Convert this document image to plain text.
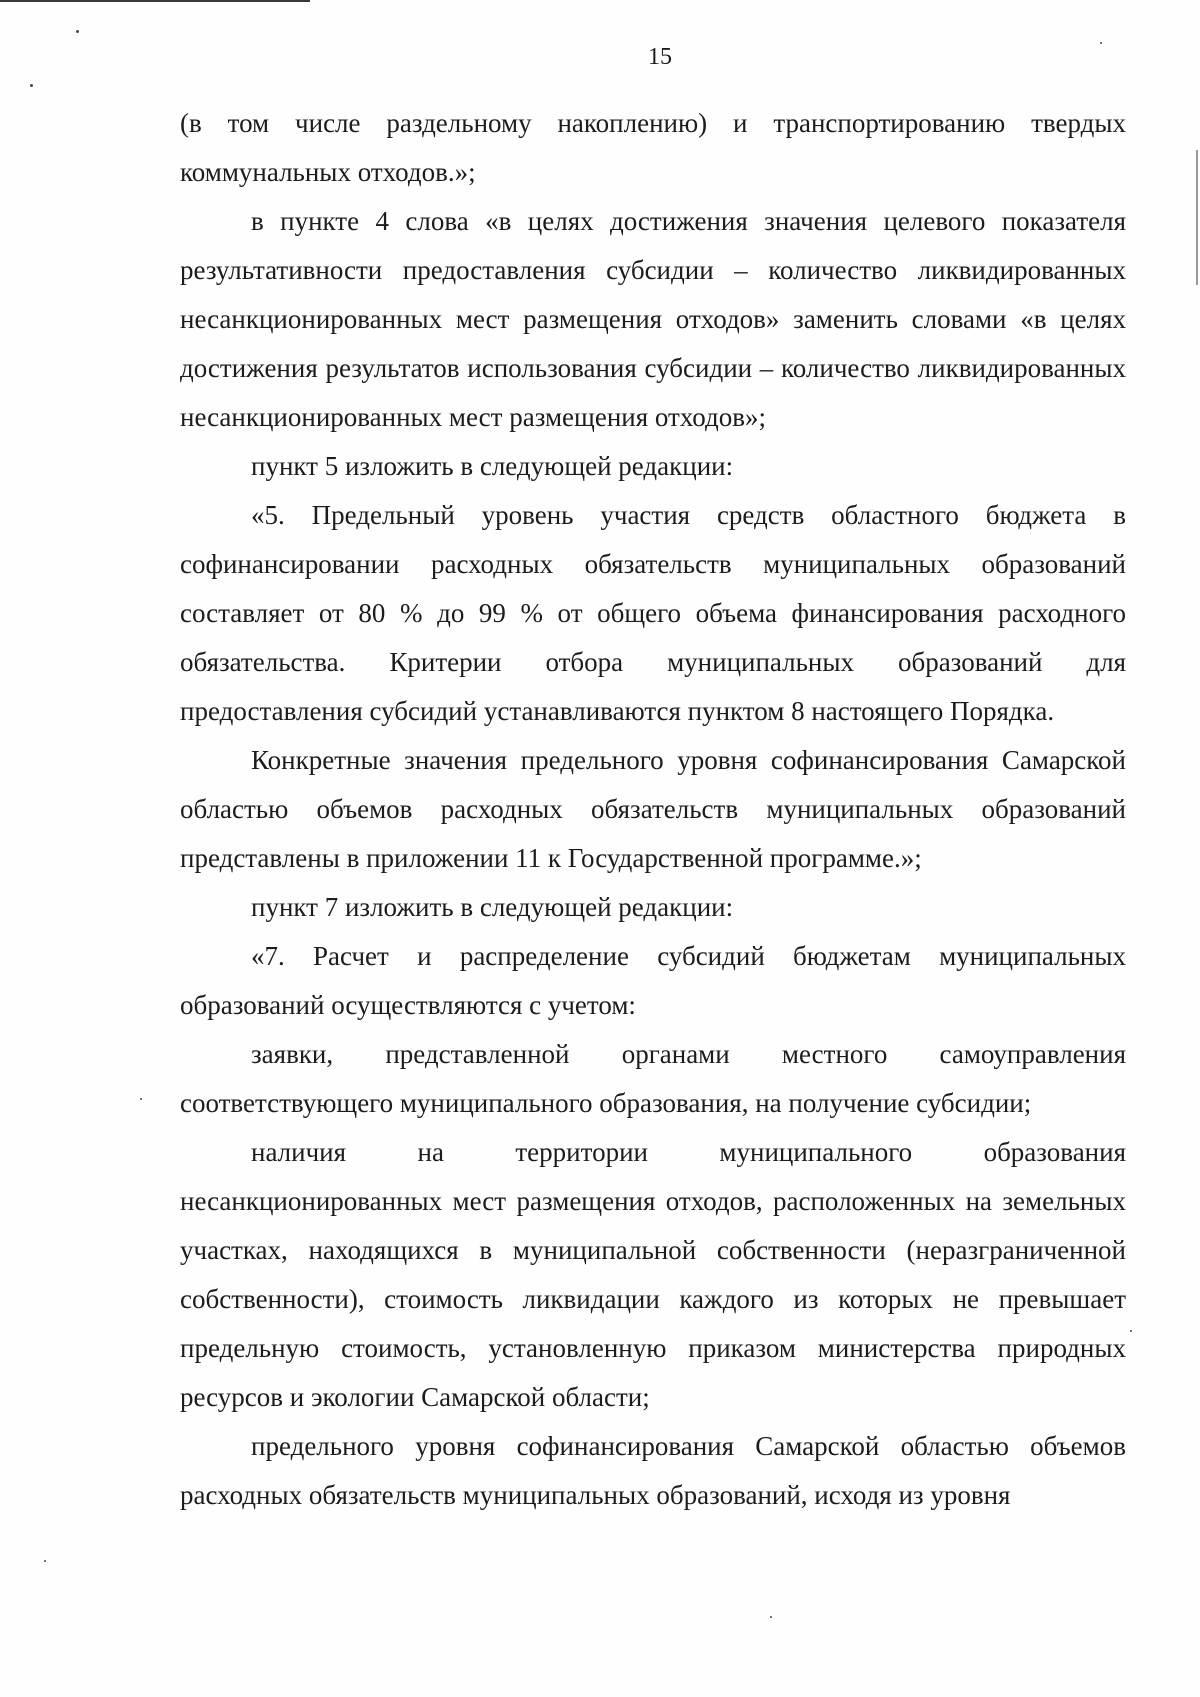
15

(в том числе раздельному накоплению) и транспортированию твердых коммунальных отходов.»;

в пункте 4 слова «в целях достижения значения целевого показателя результативности предоставления субсидии – количество ликвидированных несанкционированных мест размещения отходов» заменить словами «в целях достижения результатов использования субсидии – количество ликвидированных несанкционированных мест размещения отходов»;

пункт 5 изложить в следующей редакции:

«5. Предельный уровень участия средств областного бюджета в софинансировании расходных обязательств муниципальных образований составляет от 80 % до 99 % от общего объема финансирования расходного обязательства. Критерии отбора муниципальных образований для предоставления субсидий устанавливаются пунктом 8 настоящего Порядка.

Конкретные значения предельного уровня софинансирования Самарской областью объемов расходных обязательств муниципальных образований представлены в приложении 11 к Государственной программе.»;

пункт 7 изложить в следующей редакции:

«7. Расчет и распределение субсидий бюджетам муниципальных образований осуществляются с учетом:

заявки, представленной органами местного самоуправления соответствующего муниципального образования, на получение субсидии;

наличия на территории муниципального образования несанкционированных мест размещения отходов, расположенных на земельных участках, находящихся в муниципальной собственности (неразграниченной собственности), стоимость ликвидации каждого из которых не превышает предельную стоимость, установленную приказом министерства природных ресурсов и экологии Самарской области;

предельного уровня софинансирования Самарской областью объемов расходных обязательств муниципальных образований, исходя из уровня
